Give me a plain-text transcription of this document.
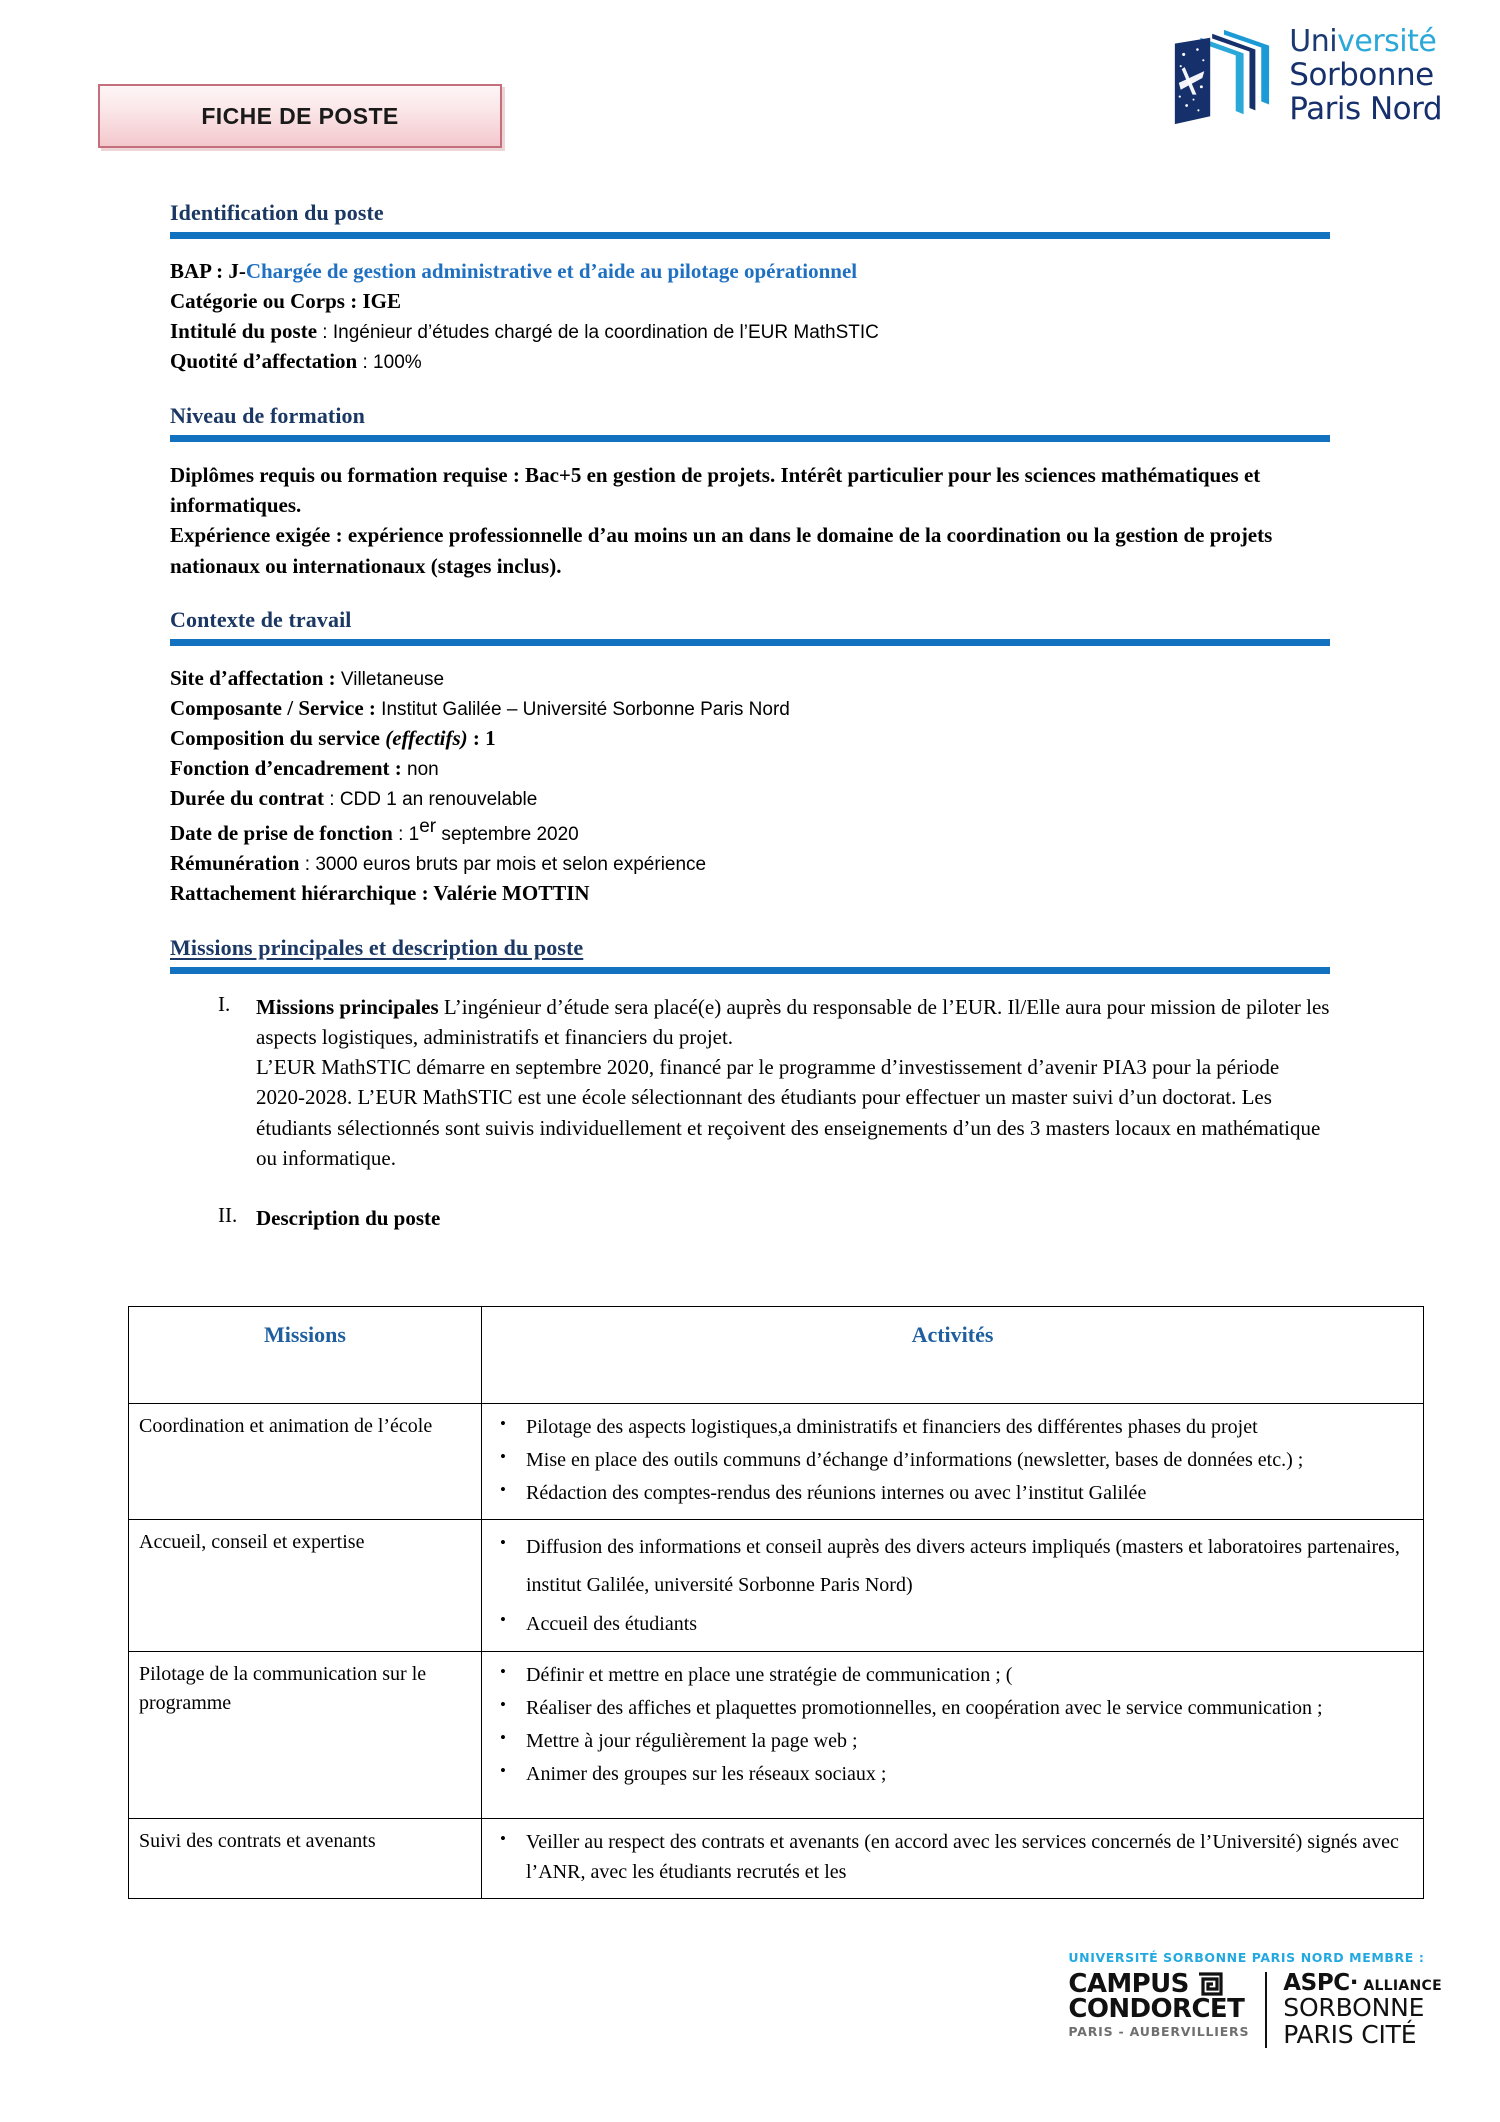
FICHE DE POSTE
Université
Sorbonne
Paris Nord
Identification du poste
BAP : J-Chargée de gestion administrative et d’aide au pilotage opérationnel
Catégorie ou Corps : IGE
Intitulé du poste : Ingénieur d’études chargé de la coordination de l’EUR MathSTIC
Quotité d’affectation : 100%
Niveau de formation
Diplômes requis ou formation requise : Bac+5 en gestion de projets. Intérêt particulier pour les sciences mathématiques et informatiques.
Expérience exigée : expérience professionnelle d’au moins un an dans le domaine de la coordination ou la gestion de projets nationaux ou internationaux (stages inclus).
Contexte de travail
Site d’affectation : Villetaneuse
Composante / Service : Institut Galilée – Université Sorbonne Paris Nord
Composition du service (effectifs) : 1
Fonction d’encadrement : non
Durée du contrat : CDD 1 an renouvelable
Date de prise de fonction : 1er septembre 2020
Rémunération : 3000 euros bruts par mois et selon expérience
Rattachement hiérarchique : Valérie MOTTIN
Missions principales et description du poste
I.	Missions principales L’ingénieur d’étude sera placé(e) auprès du responsable de l’EUR. Il/Elle aura pour mission de piloter les aspects logistiques, administratifs et financiers du projet.
L’EUR MathSTIC démarre en septembre 2020, financé par le programme d’investissement d’avenir PIA3 pour la période 2020-2028. L’EUR MathSTIC est une école sélectionnant des étudiants pour effectuer un master suivi d’un doctorat. Les étudiants sélectionnés sont suivis individuellement et reçoivent des enseignements d’un des 3 masters locaux en mathématique ou informatique.
II. Description du poste
Missions	Activités
Coordination et animation de l’école	
•Pilotage des aspects logistiques,a dministratifs et financiers des différentes phases du projet
• Mise en place des outils communs d’échange d’informations (newsletter, bases de données etc.) ;
• Rédaction des comptes-rendus des réunions internes ou avec l’institut Galilée

Accueil, conseil et expertise	
•Diffusion des informations et conseil auprès des divers acteurs impliqués (masters et laboratoires partenaires, institut Galilée, université Sorbonne Paris Nord)
• Accueil des étudiants

Pilotage de la communication sur le programme	
• Définir et mettre en place une stratégie de communication ; (
• Réaliser des affiches et plaquettes promotionnelles, en coopération avec le service communication ;
• Mettre à jour régulièrement la page web ;
• Animer des groupes sur les réseaux sociaux ;

Suivi des contrats et avenants	
•Veiller au respect des contrats et avenants (en accord avec les services concernés de l’Université) signés avec l’ANR, avec les étudiants recrutés et les
UNIVERSITÉ SORBONNE PARIS NORD MEMBRE :
CAMPUS
CONDORCET
PARIS - AUBERVILLIERS
ASPC· ALLIANCE
SORBONNE
PARIS CITÉ
